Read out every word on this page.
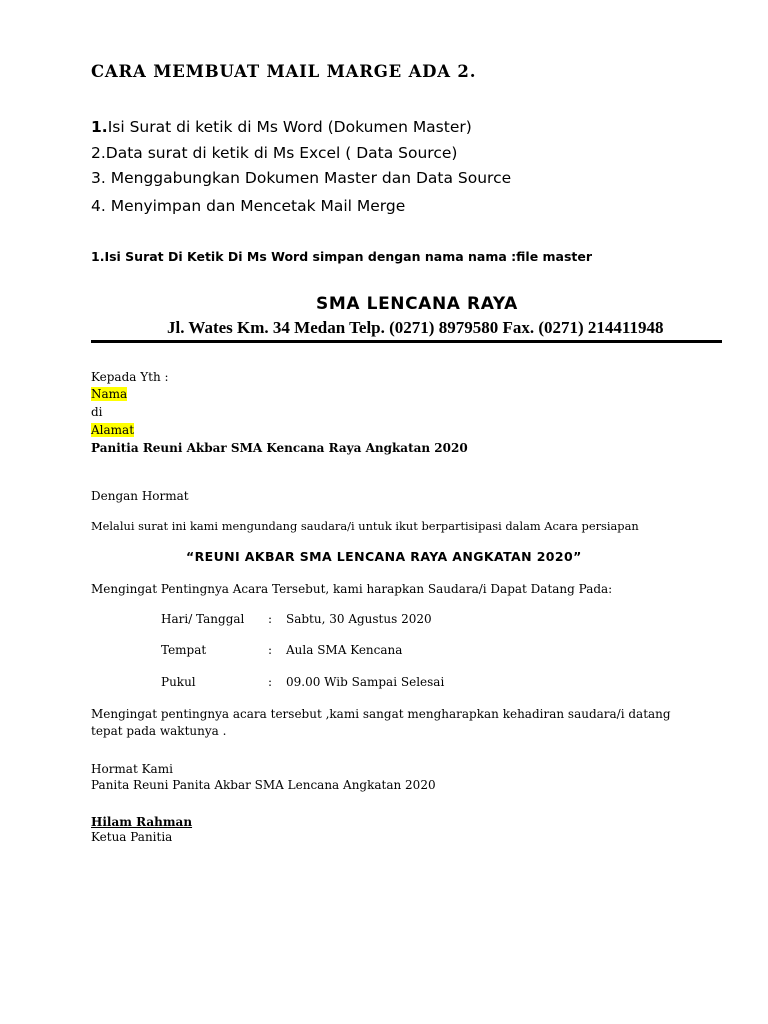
CARA MEMBUAT MAIL MARGE ADA 2.
1.Isi Surat di ketik di Ms Word (Dokumen Master)
2.Data surat di ketik di Ms Excel ( Data Source)
3. Menggabungkan Dokumen Master dan Data Source
4. Menyimpan dan Mencetak Mail Merge
1.Isi Surat Di Ketik Di Ms Word simpan dengan nama nama :file master
SMA LENCANA RAYA
Jl. Wates Km. 34 Medan Telp. (0271) 8979580 Fax. (0271) 214411948
Kepada Yth :
Nama
di
Alamat
Panitia Reuni Akbar SMA Kencana Raya Angkatan 2020
Dengan Hormat
Melalui surat ini kami mengundang saudara/i untuk ikut berpartisipasi dalam Acara persiapan
“REUNI AKBAR SMA LENCANA RAYA ANGKATAN 2020”
Mengingat Pentingnya Acara Tersebut, kami harapkan Saudara/i Dapat Datang Pada:
Hari/ Tanggal : Sabtu, 30 Agustus 2020
Tempat	: Aula SMA Kencana
Pukul	: 09.00 Wib Sampai Selesai
Mengingat pentingnya acara tersebut ,kami sangat mengharapkan kehadiran saudara/i datang
tepat pada waktunya .
Hormat Kami
Panita Reuni Panita Akbar SMA Lencana Angkatan 2020
Hilam Rahman
Ketua Panitia
